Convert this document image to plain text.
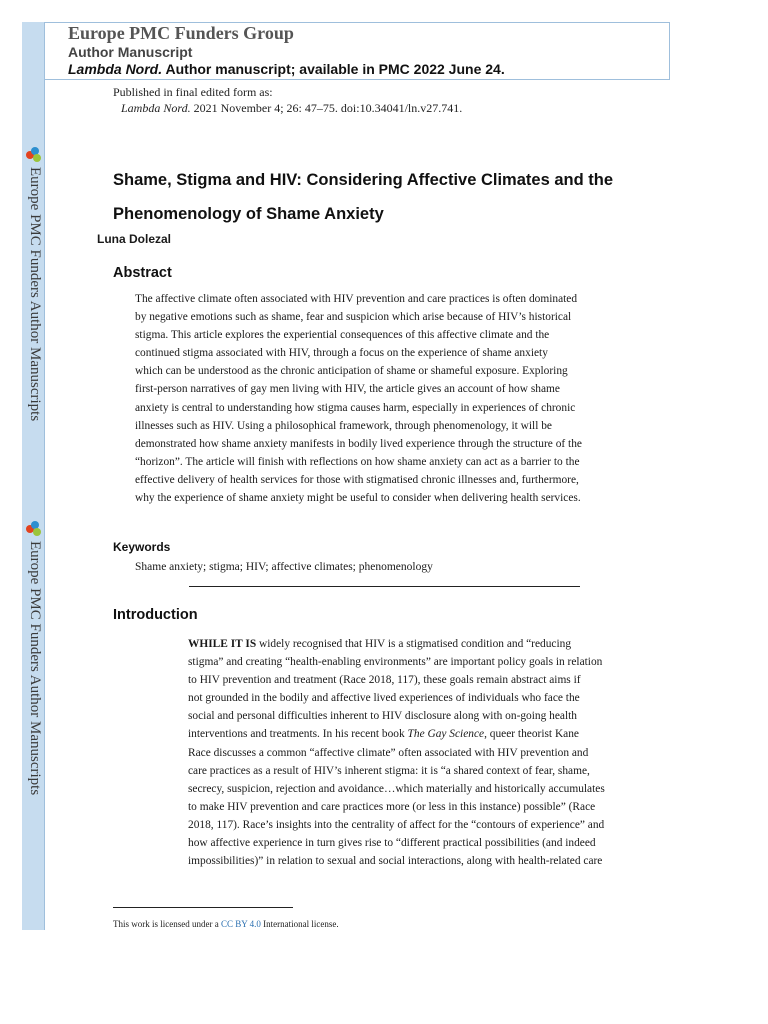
Europe PMC Funders Author Manuscripts
Europe PMC Funders Author Manuscripts
Europe PMC Funders Group
Author Manuscript
Lambda Nord. Author manuscript; available in PMC 2022 June 24.
Published in final edited form as:
Lambda Nord. 2021 November 4; 26: 47–75. doi:10.34041/ln.v27.741.
Shame, Stigma and HIV: Considering Affective Climates and the Phenomenology of Shame Anxiety
Luna Dolezal
Abstract
The affective climate often associated with HIV prevention and care practices is often dominated
by negative emotions such as shame, fear and suspicion which arise because of HIV’s historical
stigma. This article explores the experiential consequences of this affective climate and the
continued stigma associated with HIV, through a focus on the experience of shame anxiety
which can be understood as the chronic anticipation of shame or shameful exposure. Exploring
first-person narratives of gay men living with HIV, the article gives an account of how shame
anxiety is central to understanding how stigma causes harm, especially in experiences of chronic
illnesses such as HIV. Using a philosophical framework, through phenomenology, it will be
demonstrated how shame anxiety manifests in bodily lived experience through the structure of the
“horizon”. The article will finish with reflections on how shame anxiety can act as a barrier to the
effective delivery of health services for those with stigmatised chronic illnesses and, furthermore,
why the experience of shame anxiety might be useful to consider when delivering health services.
Keywords
Shame anxiety; stigma; HIV; affective climates; phenomenology
Introduction
WHILE IT IS widely recognised that HIV is a stigmatised condition and “reducing
stigma” and creating “health-enabling environments” are important policy goals in relation
to HIV prevention and treatment (Race 2018, 117), these goals remain abstract aims if
not grounded in the bodily and affective lived experiences of individuals who face the
social and personal difficulties inherent to HIV disclosure along with on-going health
interventions and treatments. In his recent book The Gay Science, queer theorist Kane
Race discusses a common “affective climate” often associated with HIV prevention and
care practices as a result of HIV’s inherent stigma: it is “a shared context of fear, shame,
secrecy, suspicion, rejection and avoidance…which materially and historically accumulates
to make HIV prevention and care practices more (or less in this instance) possible” (Race
2018, 117). Race’s insights into the centrality of affect for the “contours of experience” and
how affective experience in turn gives rise to “different practical possibilities (and indeed
impossibilities)” in relation to sexual and social interactions, along with health-related care
This work is licensed under a CC BY 4.0 International license.
